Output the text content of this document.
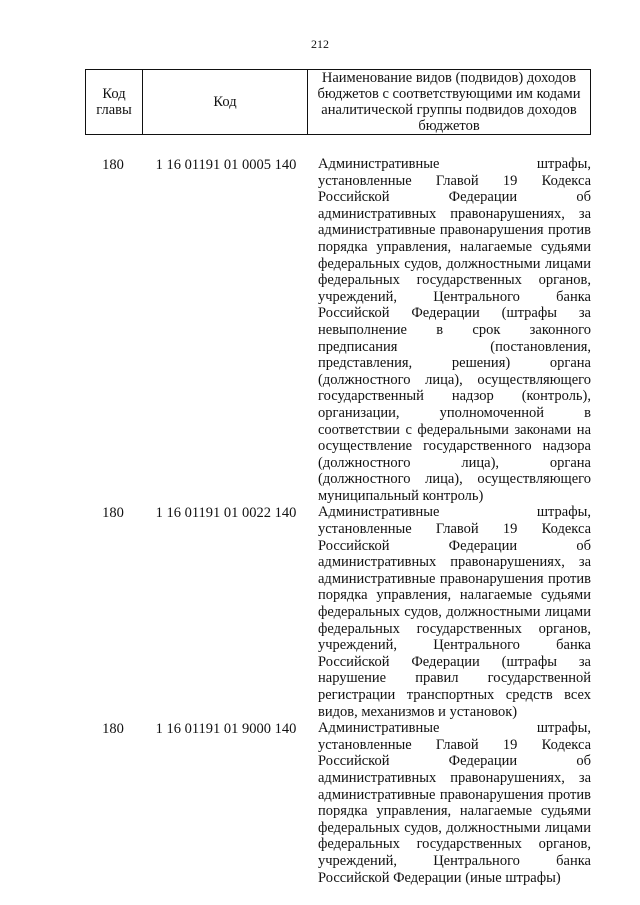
212
Код главы	Код	Наименование видов (подвидов) доходов бюджетов с соответствующими им кодами аналитической группы подвидов доходов бюджетов
180	1 16 01191 01 0005 140	Административные штрафы, установленные Главой 19 Кодекса Российской Федерации об административных правонарушениях, за административные правонарушения против порядка управления, налагаемые судьями федеральных судов, должностными лицами федеральных государственных органов, учреждений, Центрального банка Российской Федерации (штрафы за невыполнение в срок законного предписания (постановления, представления, решения) органа (должностного лица), осуществляющего государственный надзор (контроль), организации, уполномоченной в соответствии с федеральными законами на осуществление государственного надзора (должностного лица), органа (должностного лица), осуществляющего муниципальный контроль)
180	1 16 01191 01 0022 140	Административные штрафы, установленные Главой 19 Кодекса Российской Федерации об административных правонарушениях, за административные правонарушения против порядка управления, налагаемые судьями федеральных судов, должностными лицами федеральных государственных органов, учреждений, Центрального банка Российской Федерации (штрафы за нарушение правил государственной регистрации транспортных средств всех видов, механизмов и установок)
180	1 16 01191 01 9000 140	Административные штрафы, установленные Главой 19 Кодекса Российской Федерации об административных правонарушениях, за административные правонарушения против порядка управления, налагаемые судьями федеральных судов, должностными лицами федеральных государственных органов, учреждений, Центрального банка Российской Федерации (иные штрафы)
